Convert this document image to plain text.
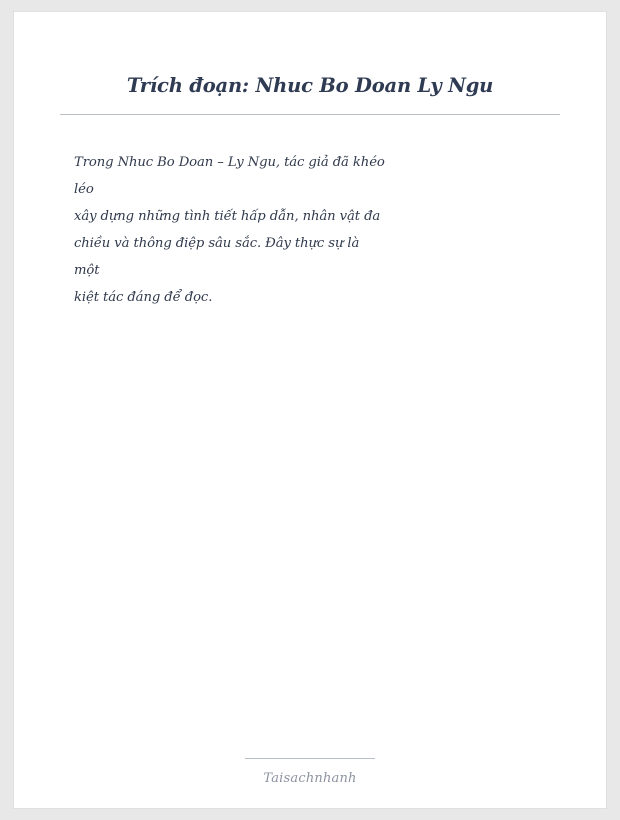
Trích đoạn: Nhuc Bo Doan Ly Ngu
Trong Nhuc Bo Doan – Ly Ngu, tác giả đã khéo
léo
xây dựng những tình tiết hấp dẫn, nhân vật đa
chiều và thông điệp sâu sắc. Đây thực sự là
một
kiệt tác đáng để đọc.
Taisachnhanh
